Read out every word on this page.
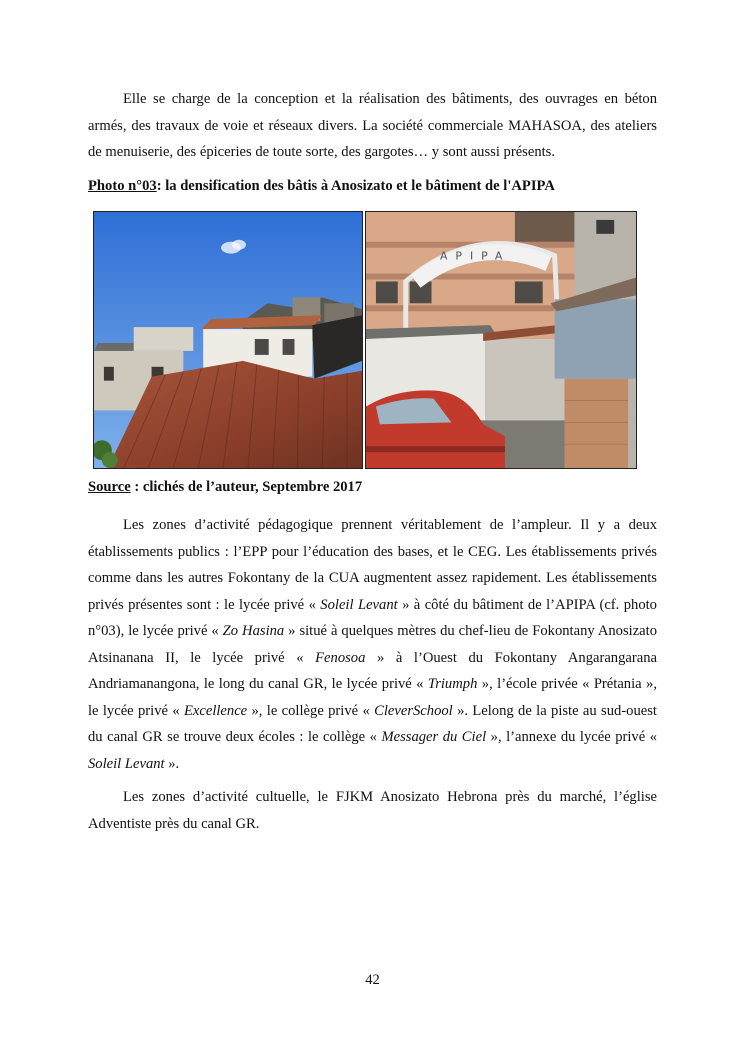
Elle se charge de la conception et la réalisation des bâtiments, des ouvrages en béton armés, des travaux de voie et réseaux divers. La société commerciale MAHASOA, des ateliers de menuiserie, des épiceries de toute sorte, des gargotes… y sont aussi présents.

Photo n°03: la densification des bâtis à Anosizato et le bâtiment de l'APIPA

APIPA

Source : clichés de l’auteur, Septembre 2017

Les zones d’activité pédagogique prennent véritablement de l’ampleur. Il y a deux établissements publics : l’EPP pour l’éducation des bases, et le CEG. Les établissements privés comme dans les autres Fokontany de la CUA augmentent assez rapidement. Les établissements privés présentes sont : le lycée privé « Soleil Levant » à côté du bâtiment de l’APIPA (cf. photo n°03), le lycée privé « Zo Hasina » situé à quelques mètres du chef-lieu de Fokontany Anosizato Atsinanana II, le lycée privé « Fenosoa » à l’Ouest du Fokontany Angarangarana Andriamanangona, le long du canal GR, le lycée privé « Triumph », l’école privée « Prétania », le lycée privé « Excellence », le collège privé « CleverSchool ». Lelong de la piste au sud-ouest du canal GR se trouve deux écoles : le collège « Messager du Ciel », l’annexe du lycée privé « Soleil Levant ».

Les zones d’activité cultuelle, le FJKM Anosizato Hebrona près du marché, l’église Adventiste près du canal GR.

42
